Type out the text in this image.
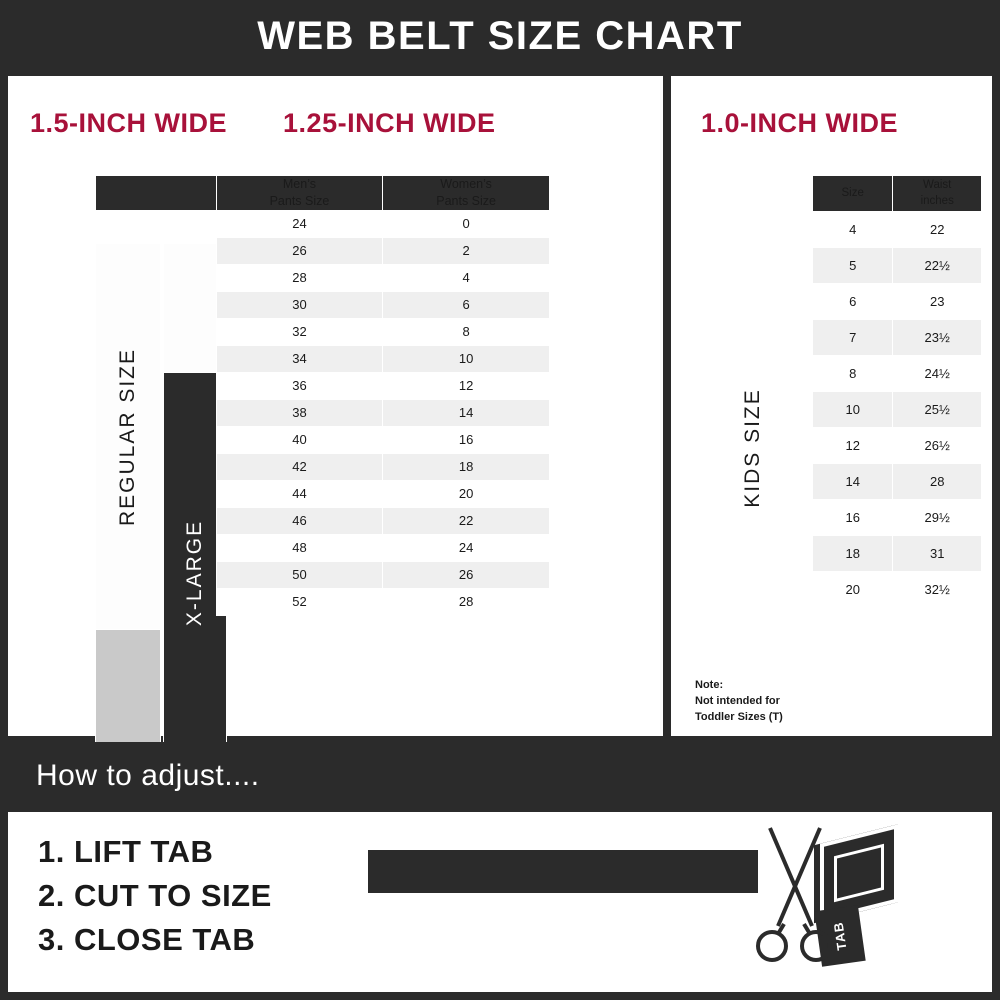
WEB BELT SIZE CHART
1.5-INCH WIDE 1.25-INCH WIDE
REGULAR SIZE
X-LARGE

Men’s
Pants Size

Women’s
Pants Size

	24	0
	26	2
	28	4
	30	6
	32	8
	34	10
	36	12
	38	14
	40	16
	42	18
	44	20
	46	22
	48	24
	50	26
	52	28
1.0-INCH WIDE
KIDS SIZE
Note:
Not intended for
Toddler Sizes (T)
Size	Waist
inches

4	22
5	22½
6	23
7	23½
8	24½
10	25½
12	26½
14	28
16	29½
18	31
20	32½
How to adjust....
1. LIFT TAB
2. CUT TO SIZE
3. CLOSE TAB	TAB
